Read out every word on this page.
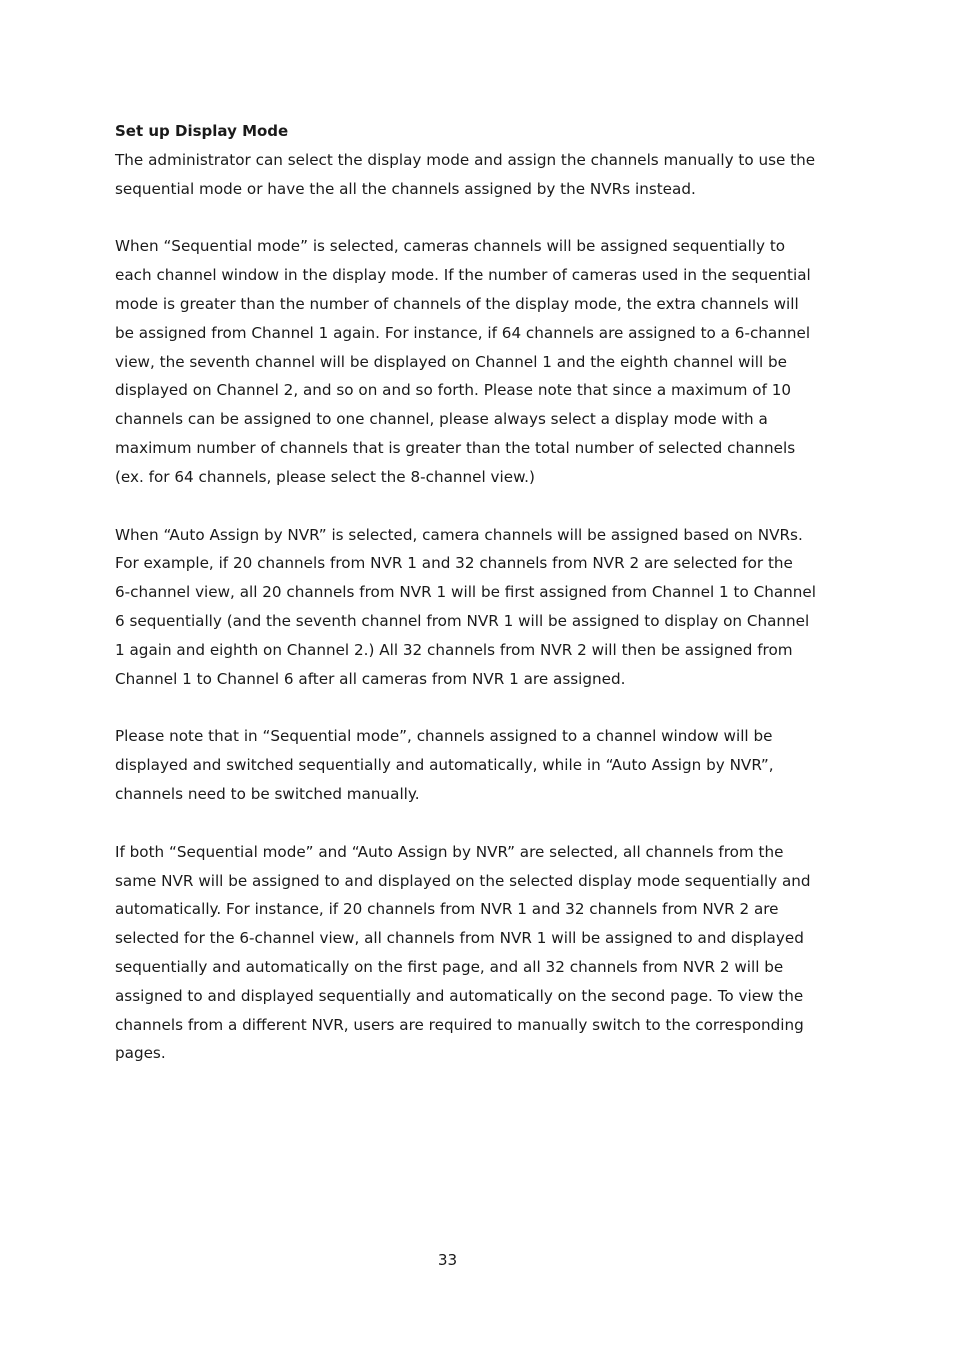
Set up Display Mode

The administrator can select the display mode and assign the channels manually to use the
sequential mode or have the all the channels assigned by the NVRs instead.

When “Sequential mode” is selected, cameras channels will be assigned sequentially to
each channel window in the display mode. If the number of cameras used in the sequential
mode is greater than the number of channels of the display mode, the extra channels will
be assigned from Channel 1 again. For instance, if 64 channels are assigned to a 6-channel
view, the seventh channel will be displayed on Channel 1 and the eighth channel will be
displayed on Channel 2, and so on and so forth. Please note that since a maximum of 10
channels can be assigned to one channel, please always select a display mode with a
maximum number of channels that is greater than the total number of selected channels
(ex. for 64 channels, please select the 8-channel view.)

When “Auto Assign by NVR” is selected, camera channels will be assigned based on NVRs.
For example, if 20 channels from NVR 1 and 32 channels from NVR 2 are selected for the
6-channel view, all 20 channels from NVR 1 will be first assigned from Channel 1 to Channel
6 sequentially (and the seventh channel from NVR 1 will be assigned to display on Channel
1 again and eighth on Channel 2.) All 32 channels from NVR 2 will then be assigned from
Channel 1 to Channel 6 after all cameras from NVR 1 are assigned.

Please note that in “Sequential mode”, channels assigned to a channel window will be
displayed and switched sequentially and automatically, while in “Auto Assign by NVR”,
channels need to be switched manually.

If both “Sequential mode” and “Auto Assign by NVR” are selected, all channels from the
same NVR will be assigned to and displayed on the selected display mode sequentially and
automatically. For instance, if 20 channels from NVR 1 and 32 channels from NVR 2 are
selected for the 6-channel view, all channels from NVR 1 will be assigned to and displayed
sequentially and automatically on the first page, and all 32 channels from NVR 2 will be
assigned to and displayed sequentially and automatically on the second page. To view the
channels from a different NVR, users are required to manually switch to the corresponding
pages.

33
